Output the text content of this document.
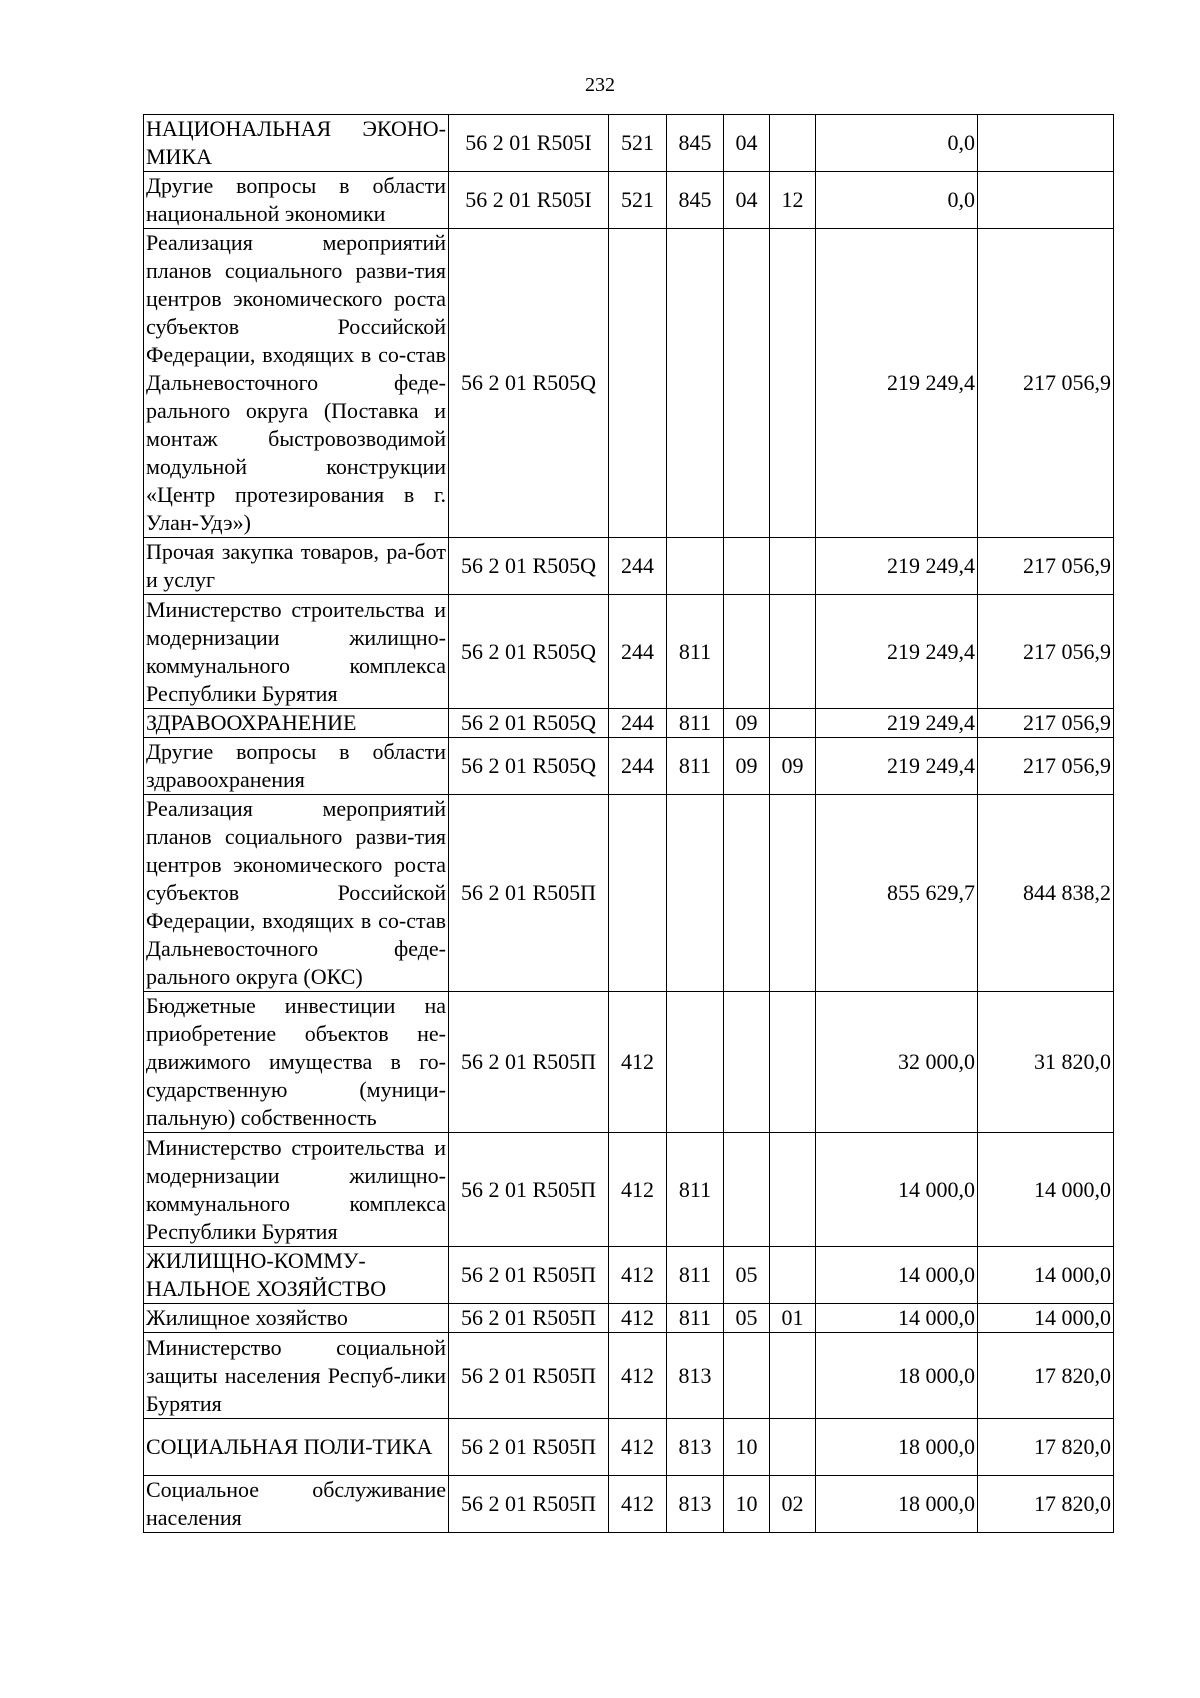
232
НАЦИОНАЛЬНАЯ ЭКОНО-МИКА	56 2 01 R505I	521	845	04		0,0	
Другие вопросы в области национальной экономики	56 2 01 R505I	521	845	04	12	0,0	
Реализация мероприятий планов социального разви-тия центров экономического роста субъектов Российской Федерации, входящих в со-став Дальневосточного феде-рального округа (Поставка и монтаж быстровозводимой модульной конструкции «Центр протезирования в г. Улан-Удэ»)	56 2 01 R505Q					219 249,4	217 056,9
Прочая закупка товаров, ра-бот и услуг	56 2 01 R505Q	244				219 249,4	217 056,9
Министерство строительства и модернизации жилищно-коммунального комплекса Республики Бурятия	56 2 01 R505Q	244	811			219 249,4	217 056,9
ЗДРАВООХРАНЕНИЕ	56 2 01 R505Q	244	811	09		219 249,4	217 056,9
Другие вопросы в области здравоохранения	56 2 01 R505Q	244	811	09	09	219 249,4	217 056,9
Реализация мероприятий планов социального разви-тия центров экономического роста субъектов Российской Федерации, входящих в со-став Дальневосточного феде-рального округа (ОКС)	56 2 01 R505П					855 629,7	844 838,2
Бюджетные инвестиции на приобретение объектов не-движимого имущества в го-сударственную (муници-пальную) собственность	56 2 01 R505П	412				32 000,0	31 820,0
Министерство строительства и модернизации жилищно-коммунального комплекса Республики Бурятия	56 2 01 R505П	412	811			14 000,0	14 000,0
ЖИЛИЩНО-КОММУ-НАЛЬНОЕ ХОЗЯЙСТВО	56 2 01 R505П	412	811	05		14 000,0	14 000,0
Жилищное хозяйство	56 2 01 R505П	412	811	05	01	14 000,0	14 000,0
Министерство социальной защиты населения Респуб-лики Бурятия	56 2 01 R505П	412	813			18 000,0	17 820,0
СОЦИАЛЬНАЯ ПОЛИ-ТИКА	56 2 01 R505П	412	813	10		18 000,0	17 820,0
Социальное обслуживание населения	56 2 01 R505П	412	813	10	02	18 000,0	17 820,0
